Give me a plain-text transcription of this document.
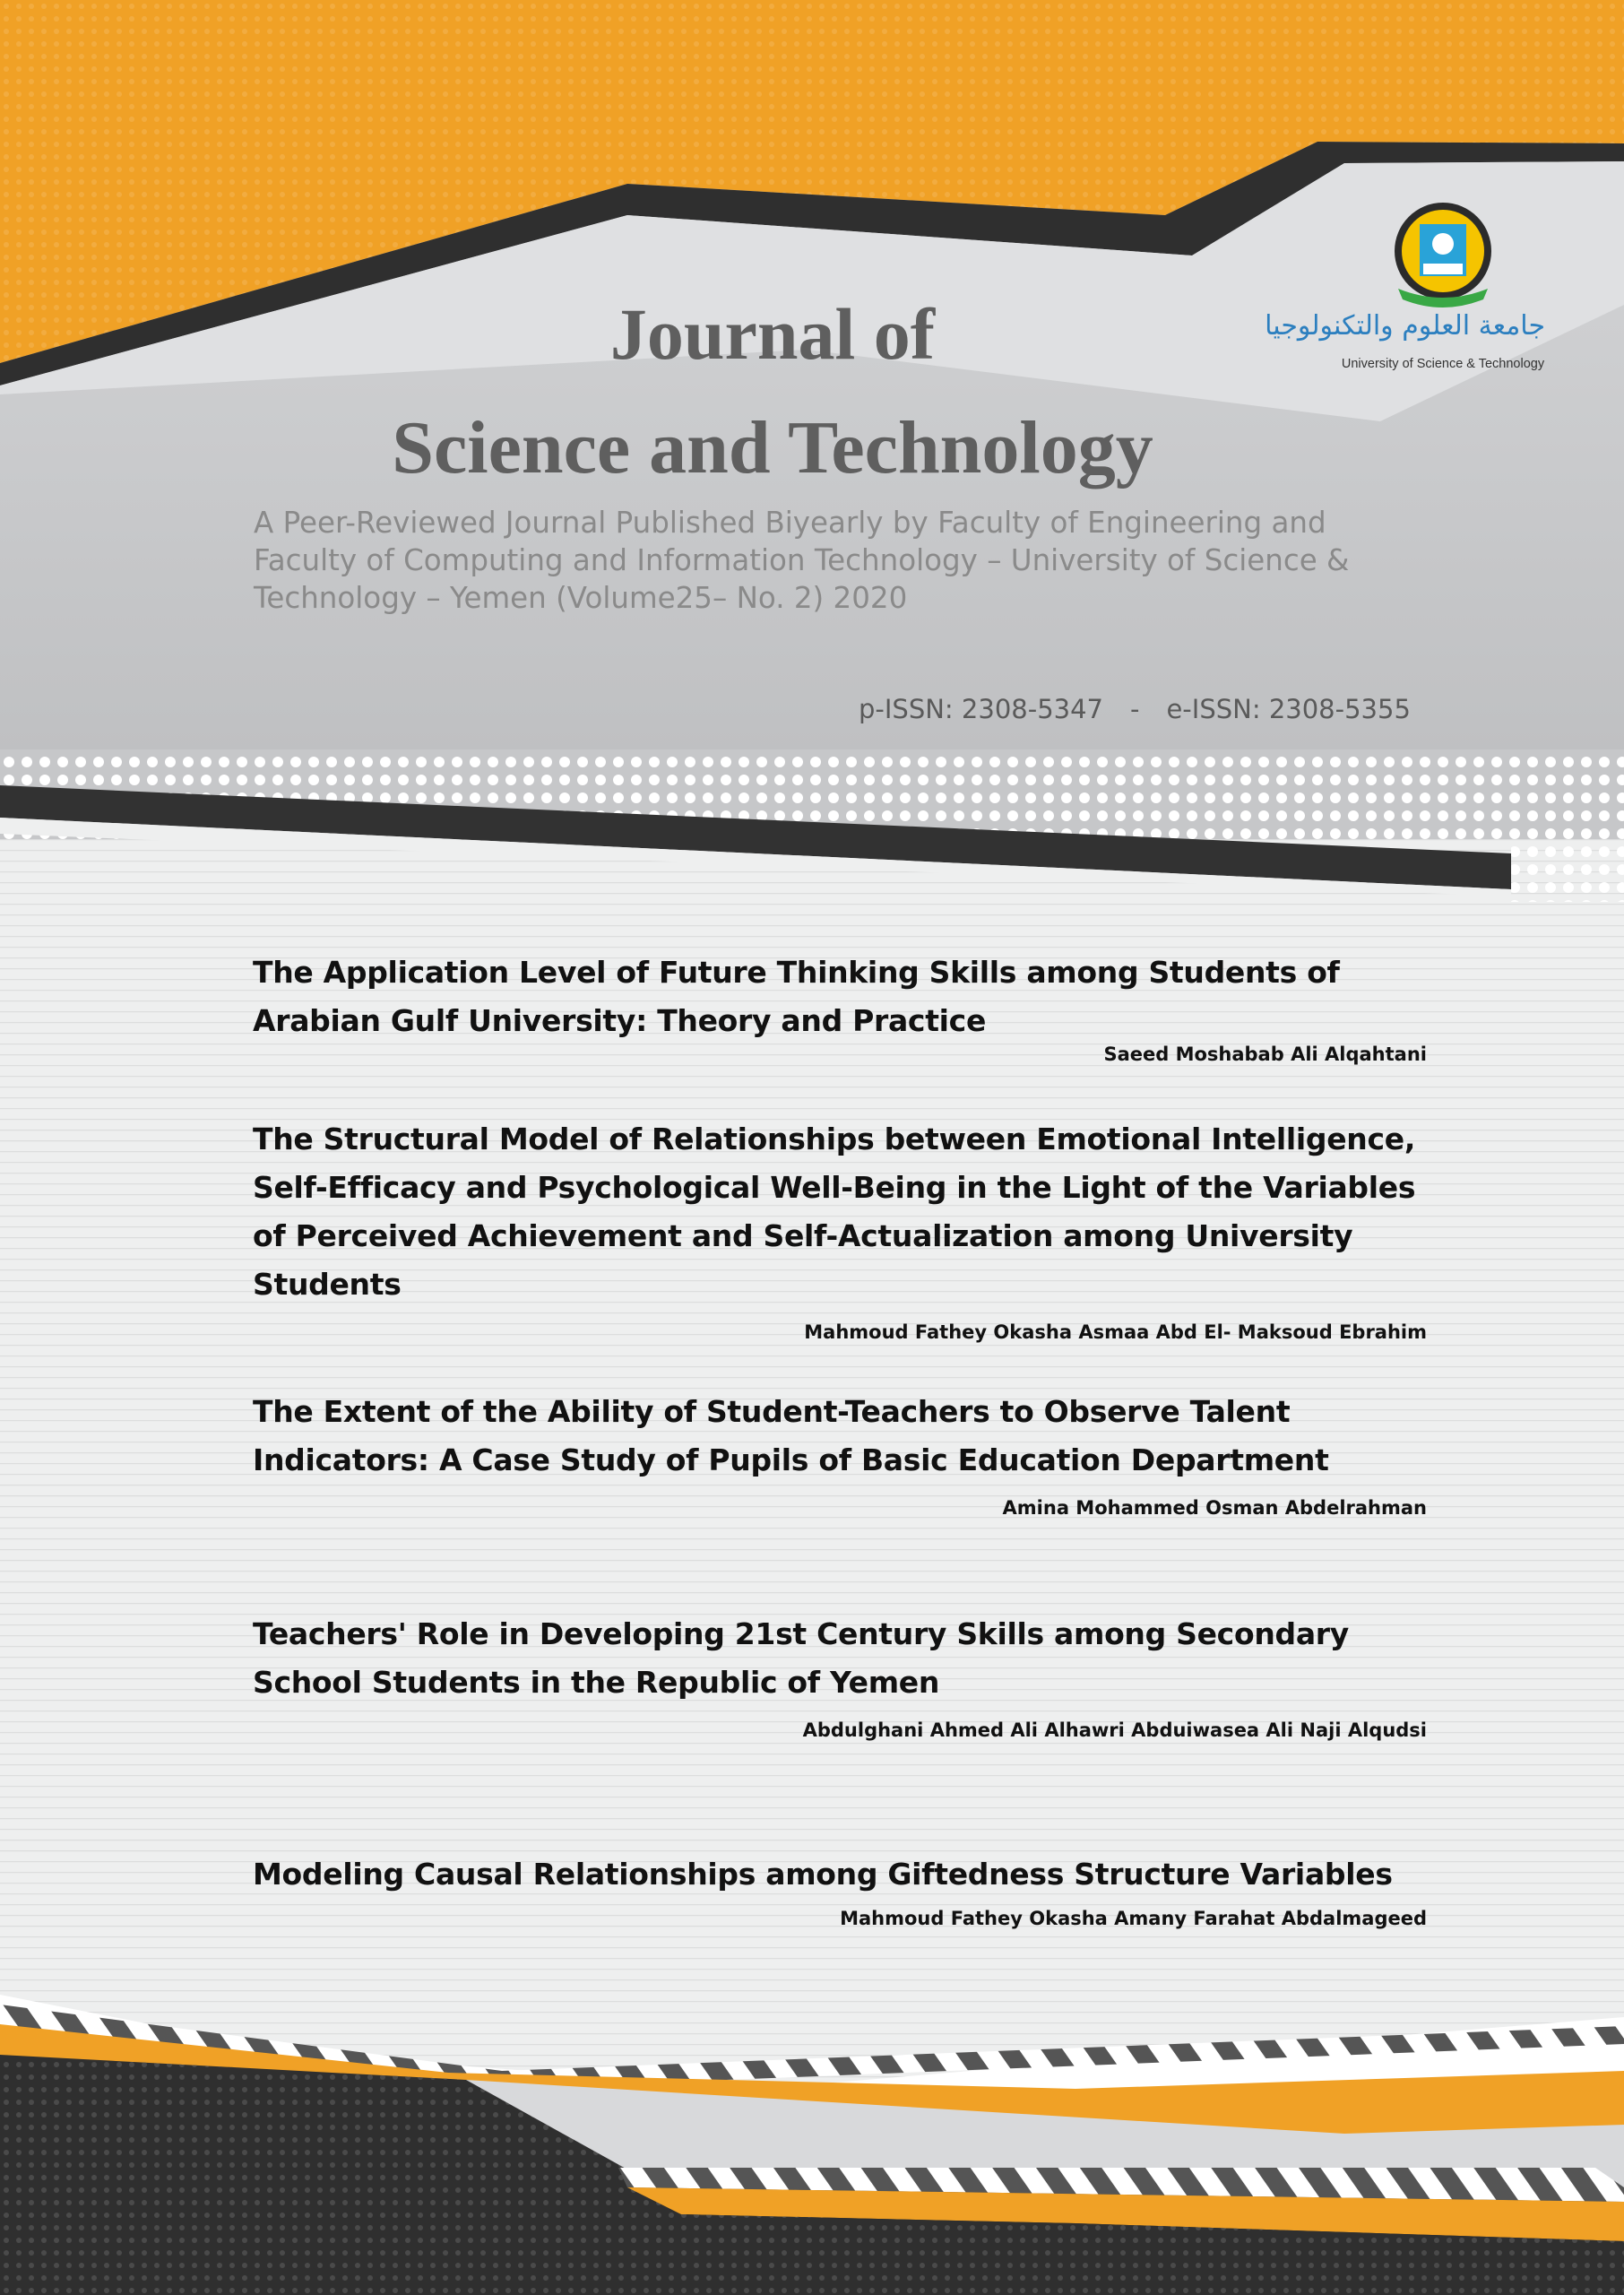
جامعة العلوم والتكنولوجيا
University of Science & Technology
Journal of
Science and Technology
A Peer-Reviewed Journal Published Biyearly by Faculty of Engineering and Faculty of Computing and Information Technology – University of Science & Technology – Yemen (Volume25– No. 2) 2020
p-ISSN: 2308-5347 - e-ISSN: 2308-5355

The Application Level of Future Thinking Skills among Students of Arabian Gulf University: Theory and Practice

Saeed Moshabab Ali Alqahtani

The Structural Model of Relationships between Emotional Intelligence, Self-Efficacy and Psychological Well-Being in the Light of the Variables of Perceived Achievement and Self-Actualization among University Students

Mahmoud Fathey Okasha Asmaa Abd El- Maksoud Ebrahim

The Extent of the Ability of Student-Teachers to Observe Talent Indicators: A Case Study of Pupils of Basic Education Department

Amina Mohammed Osman Abdelrahman

Teachers' Role in Developing 21st Century Skills among Secondary School Students in the Republic of Yemen

Abdulghani Ahmed Ali Alhawri Abduiwasea Ali Naji Alqudsi

Modeling Causal Relationships among Giftedness Structure Variables

Mahmoud Fathey Okasha Amany Farahat Abdalmageed
